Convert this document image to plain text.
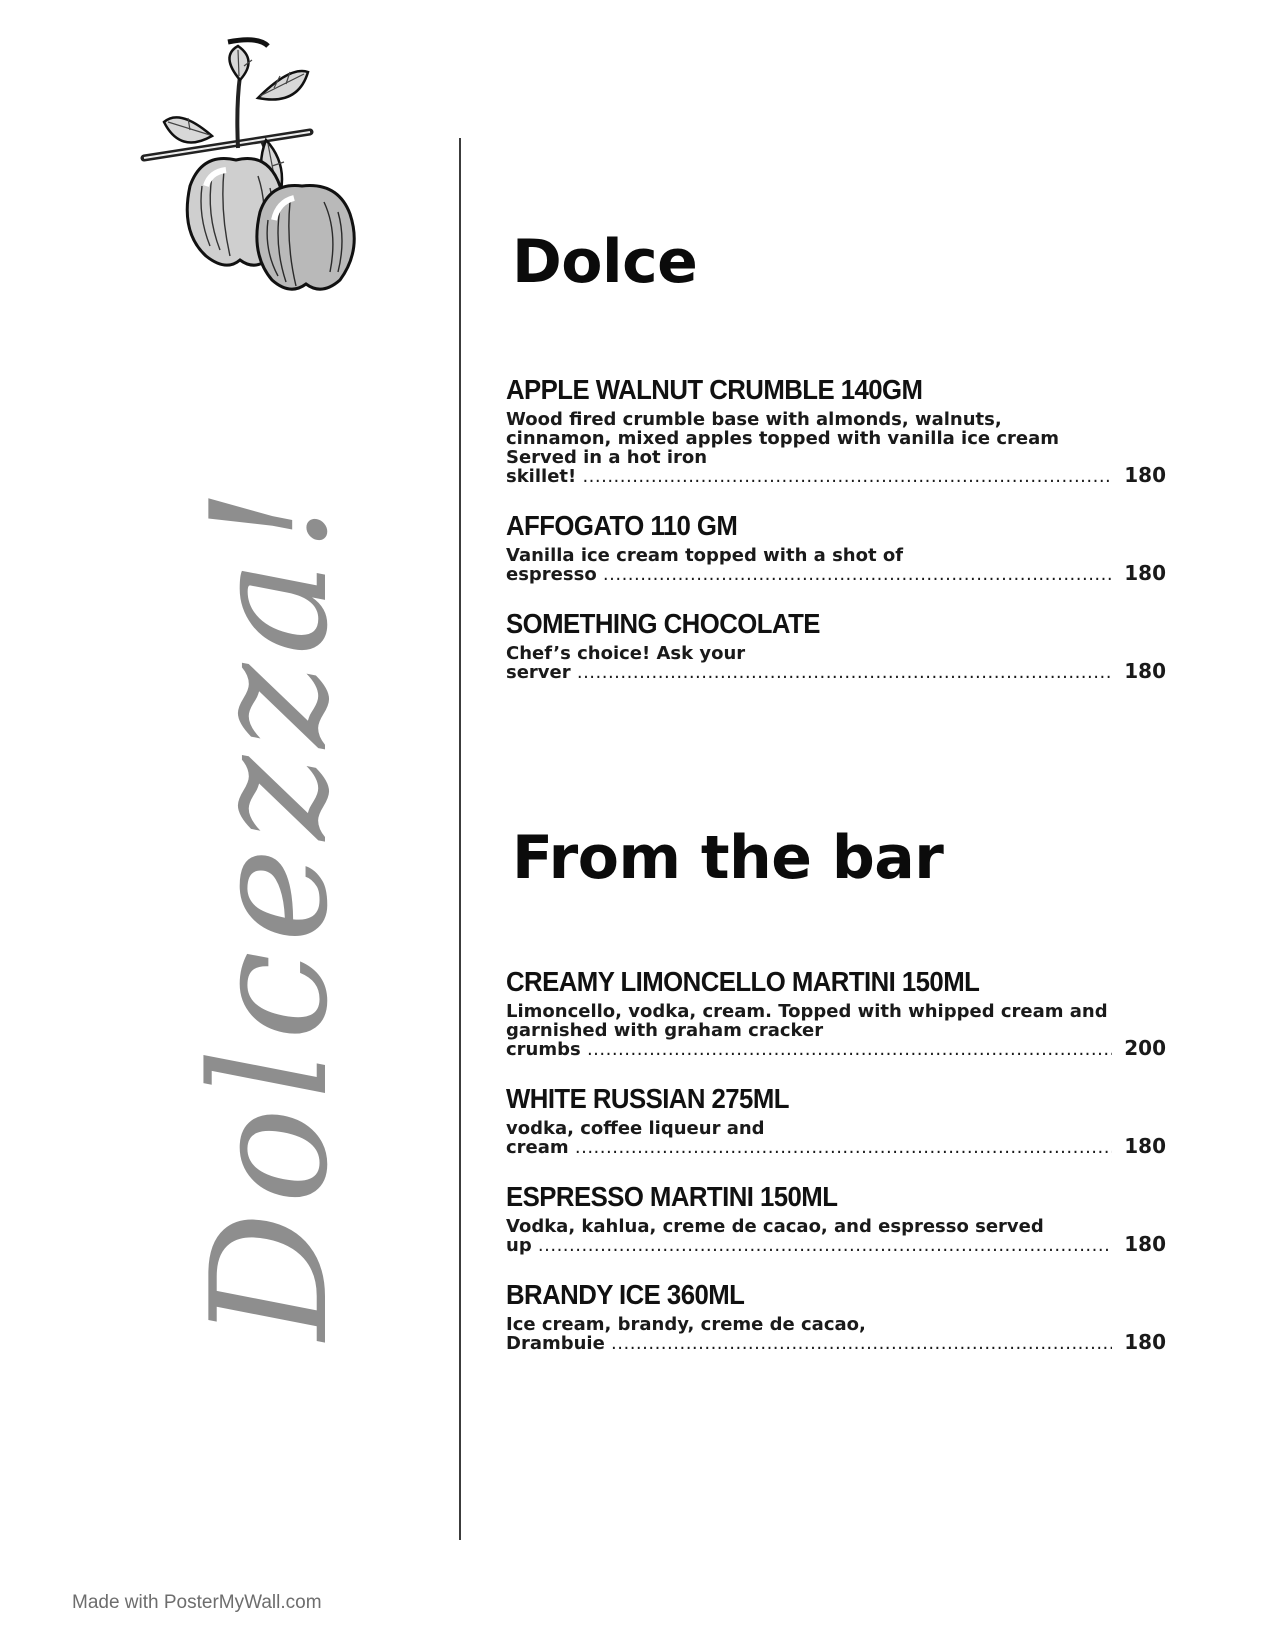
Dolcezza!
Dolce
APPLE WALNUT CRUMBLE 140GM
Wood fired crumble base with almonds, walnuts,
cinnamon, mixed apples topped with vanilla ice cream
Served in a hot iron skillet! .....	180
AFFOGATO 110 GM
Vanilla ice cream topped with a shot of espresso .....	180
SOMETHING CHOCOLATE
Chef’s choice! Ask your server .....	180
From the bar
CREAMY LIMONCELLO MARTINI 150ML
Limoncello, vodka, cream. Topped with whipped cream and
garnished with graham cracker crumbs .....	200
WHITE RUSSIAN 275ML
vodka, coffee liqueur and cream .....	180
ESPRESSO MARTINI 150ML
Vodka, kahlua, creme de cacao, and espresso served up .....	180
BRANDY ICE 360ML
Ice cream, brandy, creme de cacao, Drambuie .....	180
Made with PosterMyWall.com
